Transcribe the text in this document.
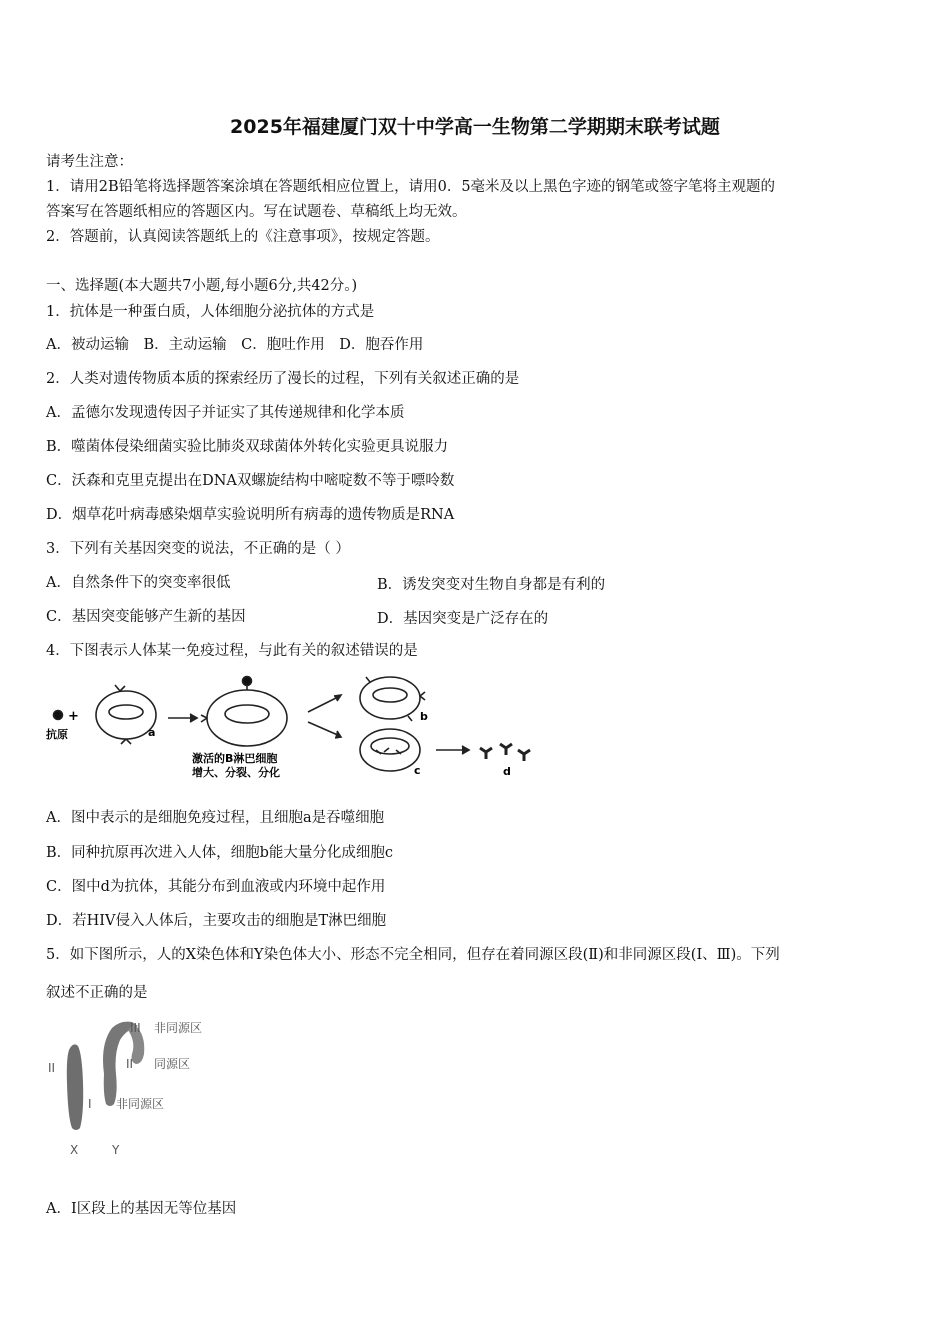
2025年福建厦门双十中学高一生物第二学期期末联考试题
请考生注意：
1．请用2B铅笔将选择题答案涂填在答题纸相应位置上，请用0．5毫米及以上黑色字迹的钢笔或签字笔将主观题的
答案写在答题纸相应的答题区内。写在试题卷、草稿纸上均无效。
2．答题前，认真阅读答题纸上的《注意事项》，按规定答题。
一、选择题(本大题共7小题,每小题6分,共42分。)
1．抗体是一种蛋白质，人体细胞分泌抗体的方式是
A．被动运输　B．主动运输　C．胞吐作用　D．胞吞作用
2．人类对遗传物质本质的探索经历了漫长的过程，下列有关叙述正确的是
A．孟德尔发现遗传因子并证实了其传递规律和化学本质
B．噬菌体侵染细菌实验比肺炎双球菌体外转化实验更具说服力
C．沃森和克里克提出在DNA双螺旋结构中嘧啶数不等于嘌呤数
D．烟草花叶病毒感染烟草实验说明所有病毒的遗传物质是RNA
3．下列有关基因突变的说法，不正确的是（ ）
A．自然条件下的突变率很低	B．诱发突变对生物自身都是有利的
C．基因突变能够产生新的基因	D．基因突变是广泛存在的
4．下图表示人体某一免疫过程，与此有关的叙述错误的是
+
抗原	a
b
c	d
激活的B淋巴细胞
增大、分裂、分化
A．图中表示的是细胞免疫过程，且细胞a是吞噬细胞
B．同种抗原再次进入人体，细胞b能大量分化成细胞c
C．图中d为抗体，其能分布到血液或内环境中起作用
D．若HIV侵入人体后，主要攻击的细胞是T淋巴细胞
5．如下图所示，人的X染色体和Y染色体大小、形态不完全相同，但存在着同源区段(Ⅱ)和非同源区段(Ⅰ、Ⅲ)。下列
叙述不正确的是
III 非同源区
II 同源区
I 非同源区
II
X	Y
A．Ⅰ区段上的基因无等位基因
